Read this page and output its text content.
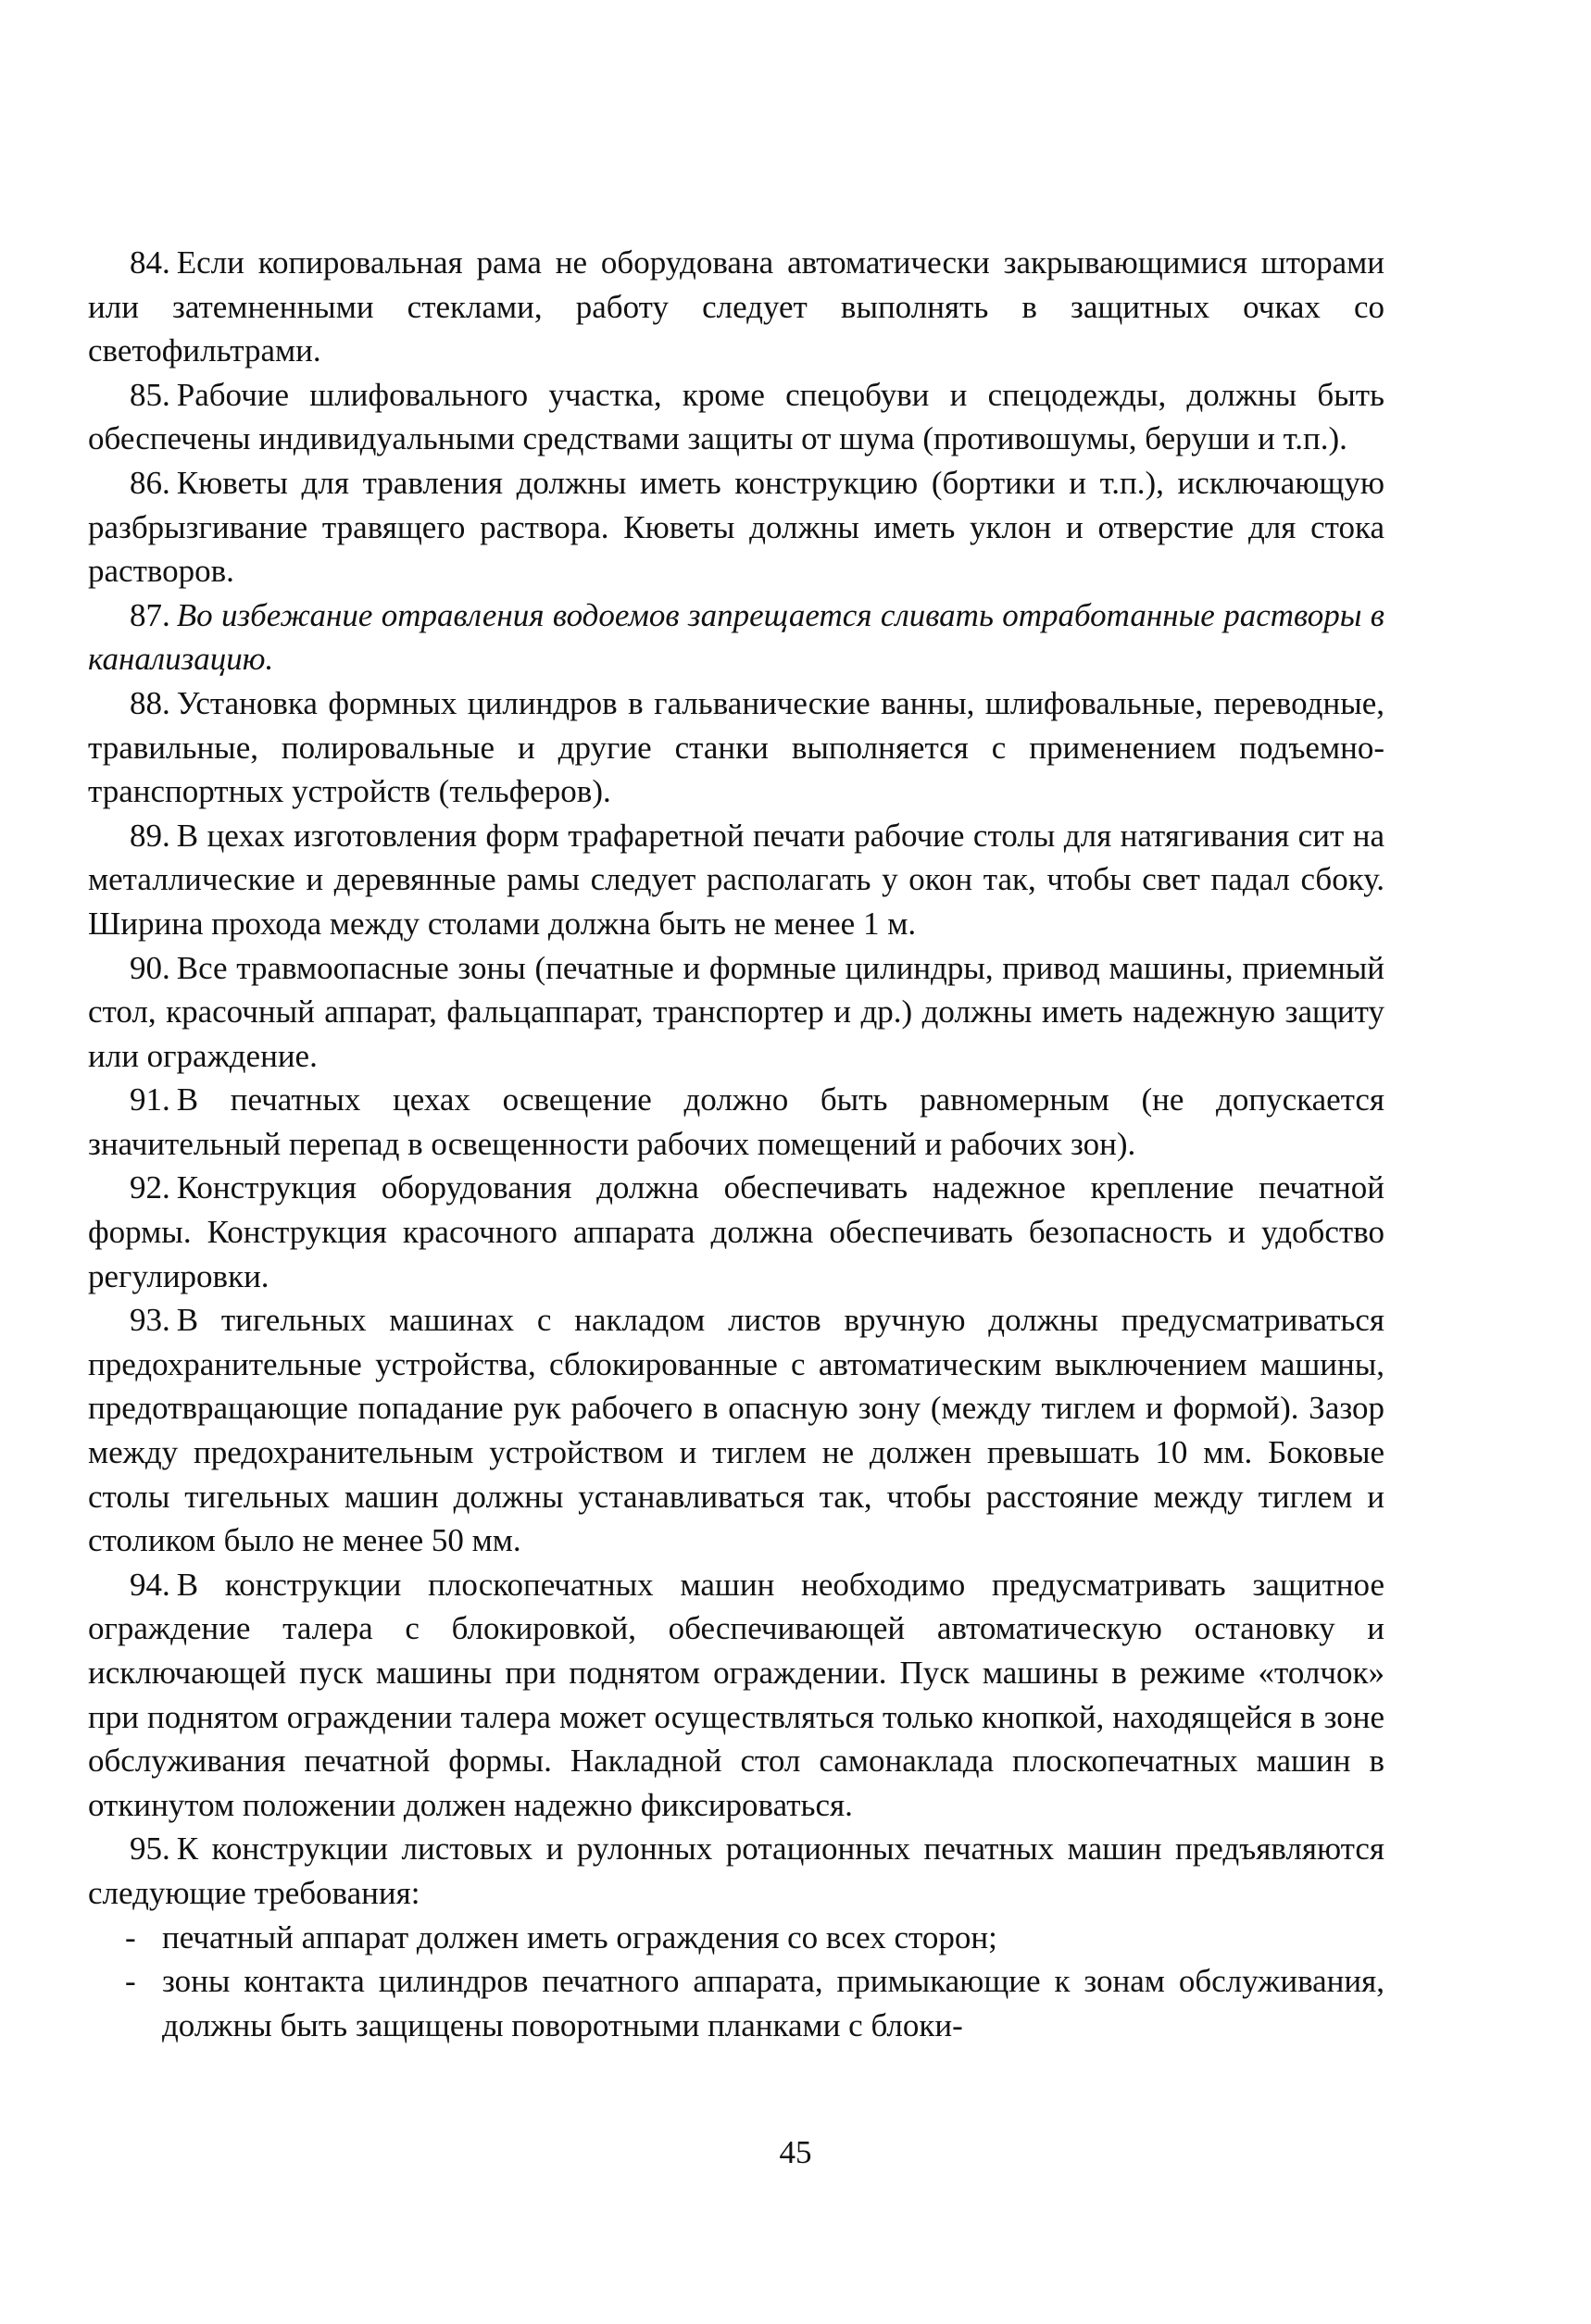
84. Если копировальная рама не оборудована автоматически закрывающимися шторами или затемненными стеклами, работу следует выполнять в защитных очках со светофильтрами.

85. Рабочие шлифовального участка, кроме спецобуви и спецодежды, должны быть обеспечены индивидуальными средствами защиты от шума (противошумы, беруши и т.п.).

86. Кюветы для травления должны иметь конструкцию (бортики и т.п.), исключающую разбрызгивание травящего раствора. Кюветы должны иметь уклон и отверстие для стока растворов.

87. Во избежание отравления водоемов запрещается сливать отработанные растворы в канализацию.

88. Установка формных цилиндров в гальванические ванны, шлифовальные, переводные, травильные, полировальные и другие станки выполняется с применением подъемно-транспортных устройств (тельферов).

89. В цехах изготовления форм трафаретной печати рабочие столы для натягивания сит на металлические и деревянные рамы следует располагать у окон так, чтобы свет падал сбоку. Ширина прохода между столами должна быть не менее 1 м.

90. Все травмоопасные зоны (печатные и формные цилиндры, привод машины, приемный стол, красочный аппарат, фальцаппарат, транспортер и др.) должны иметь надежную защиту или ограждение.

91. В печатных цехах освещение должно быть равномерным (не допускается значительный перепад в освещенности рабочих помещений и рабочих зон).

92. Конструкция оборудования должна обеспечивать надежное крепление печатной формы. Конструкция красочного аппарата должна обеспечивать безопасность и удобство регулировки.

93. В тигельных машинах с накладом листов вручную должны предусматриваться предохранительные устройства, сблокированные с автоматическим выключением машины, предотвращающие попадание рук рабочего в опасную зону (между тиглем и формой). Зазор между предохранительным устройством и тиглем не должен превышать 10 мм. Боковые столы тигельных машин должны устанавливаться так, чтобы расстояние между тиглем и столиком было не менее 50 мм.

94. В конструкции плоскопечатных машин необходимо предусматривать защитное ограждение талера с блокировкой, обеспечивающей автоматическую остановку и исключающей пуск машины при поднятом ограждении. Пуск машины в режиме «толчок» при поднятом ограждении талера может осуществляться только кнопкой, находящейся в зоне обслуживания печатной формы. Накладной стол самонаклада плоскопечатных машин в откинутом положении должен надежно фиксироваться.

95. К конструкции листовых и рулонных ротационных печатных машин предъявляются следующие требования:

- печатный аппарат должен иметь ограждения со всех сторон;
- зоны контакта цилиндров печатного аппарата, примыкающие к зонам обслуживания, должны быть защищены поворотными планками с блоки-
45
